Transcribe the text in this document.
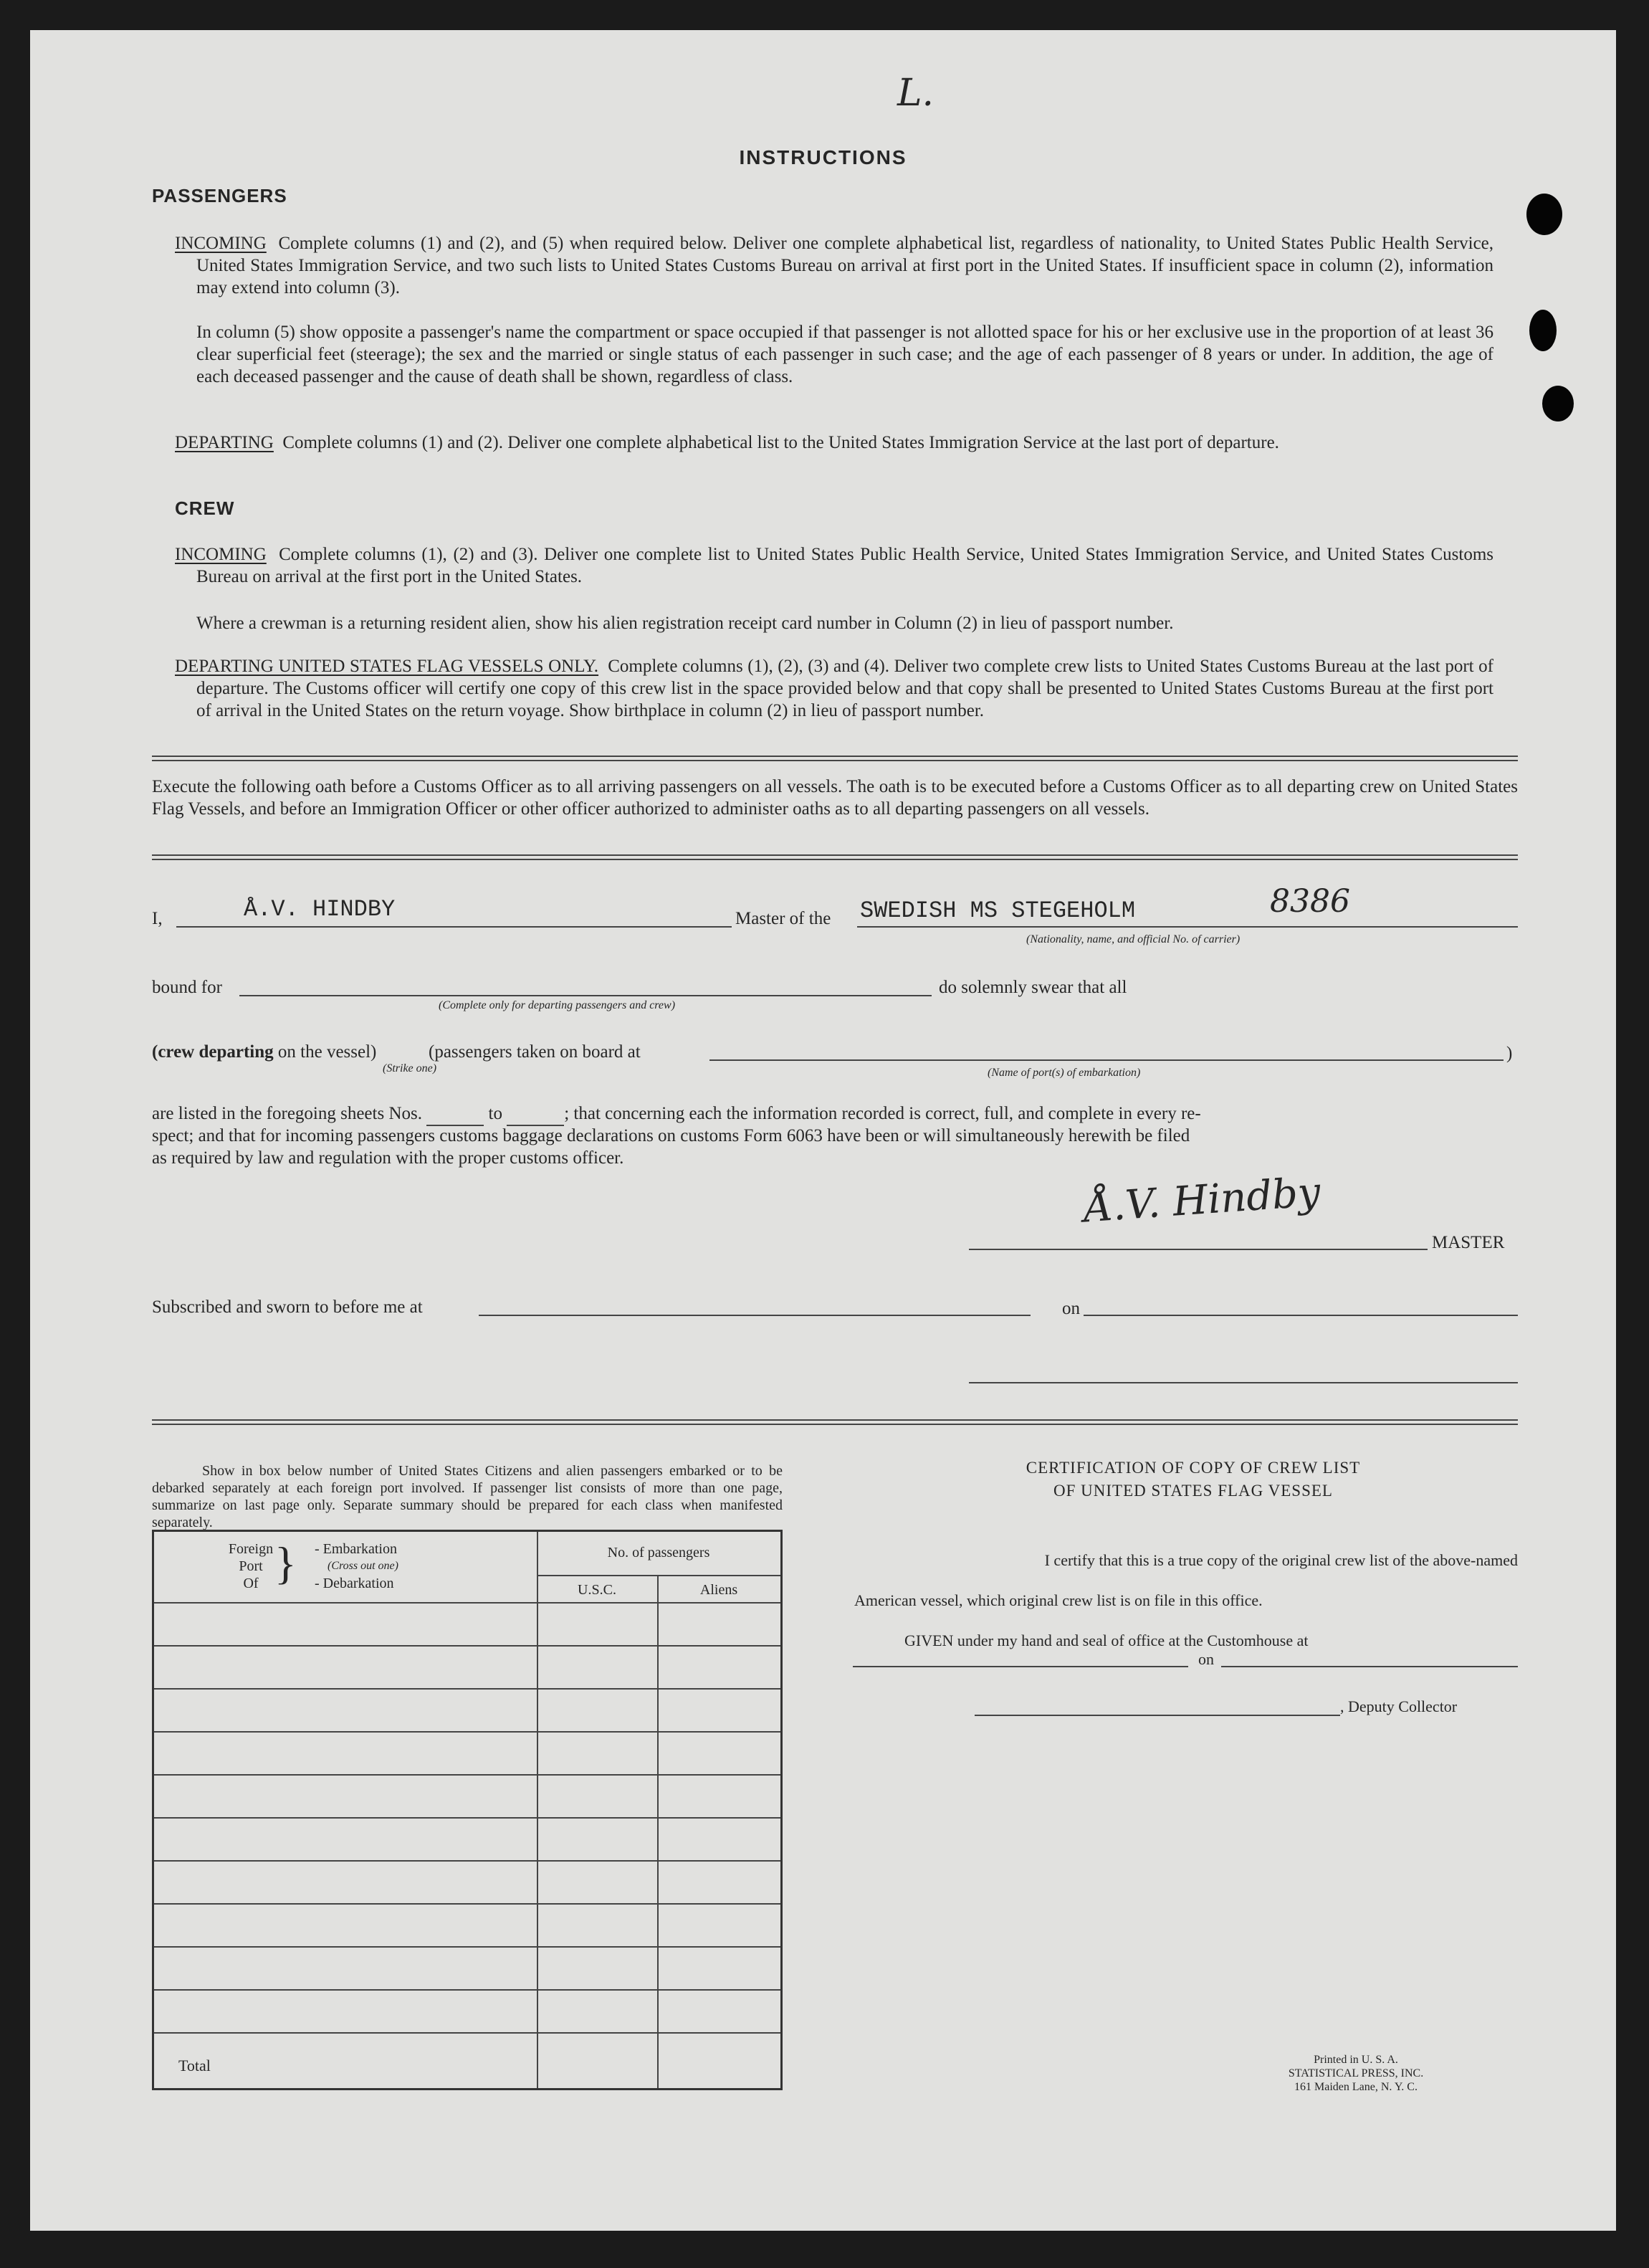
L.
INSTRUCTIONS
PASSENGERS
INCOMING Complete columns (1) and (2), and (5) when required below. Deliver one complete alphabetical list, regardless of nationality, to United States Public Health Service, United States Immigration Service, and two such lists to United States Customs Bureau on arrival at first port in the United States. If insufficient space in column (2), information may extend into column (3).
In column (5) show opposite a passenger's name the compartment or space occupied if that passenger is not allotted space for his or her exclusive use in the proportion of at least 36 clear superficial feet (steerage); the sex and the married or single status of each passenger in such case; and the age of each passenger of 8 years or under. In addition, the age of each deceased passenger and the cause of death shall be shown, regardless of class.
DEPARTING Complete columns (1) and (2). Deliver one complete alphabetical list to the United States Immigration Service at the last port of departure.
CREW
INCOMING Complete columns (1), (2) and (3). Deliver one complete list to United States Public Health Service, United States Immigration Service, and United States Customs Bureau on arrival at the first port in the United States.
Where a crewman is a returning resident alien, show his alien registration receipt card number in Column (2) in lieu of passport number.
DEPARTING UNITED STATES FLAG VESSELS ONLY. Complete columns (1), (2), (3) and (4). Deliver two complete crew lists to United States Customs Bureau at the last port of departure. The Customs officer will certify one copy of this crew list in the space provided below and that copy shall be presented to United States Customs Bureau at the first port of arrival in the United States on the return voyage. Show birthplace in column (2) in lieu of passport number.
Execute the following oath before a Customs Officer as to all arriving passengers on all vessels. The oath is to be executed before a Customs Officer as to all departing crew on United States Flag Vessels, and before an Immigration Officer or other officer authorized to administer oaths as to all departing passengers on all vessels.
I,	Å.V. HINDBY	Master of the SWEDISH MS STEGEHOLM	8386
(Nationality, name, and official No. of carrier)
bound for
(Complete only for departing passengers and crew)
do solemnly swear that all
(crew departing on the vessel)	(passengers taken on board at	)
(Strike one)	(Name of port(s) of embarkation)
are listed in the foregoing sheets Nos.	to	; that concerning each the information recorded is correct, full, and complete in every re-
spect; and that for incoming passengers customs baggage declarations on customs Form 6063 have been or will simultaneously herewith be filed
as required by law and regulation with the proper customs officer.
Å.V. Hindby
MASTER
Subscribed and sworn to before me at	on
Show in box below number of United States Citizens and alien passengers embarked or to be debarked separately at each foreign port involved. If passenger list consists of more than one page, summarize on last page only. Separate summary should be prepared for each class when manifested separately.
Foreign
Port
Of } - Embarkation
(Cross out one)
- Debarkation
No. of passengers
U.S.C.	Aliens
Total
CERTIFICATION OF COPY OF CREW LIST
OF UNITED STATES FLAG VESSEL
I certify that this is a true copy of the original crew list of the above-named
American vessel, which original crew list is on file in this office.
GIVEN under my hand and seal of office at the Customhouse at
on
, Deputy Collector
Printed in U. S. A.
STATISTICAL PRESS, INC.
161 Maiden Lane, N. Y. C.
